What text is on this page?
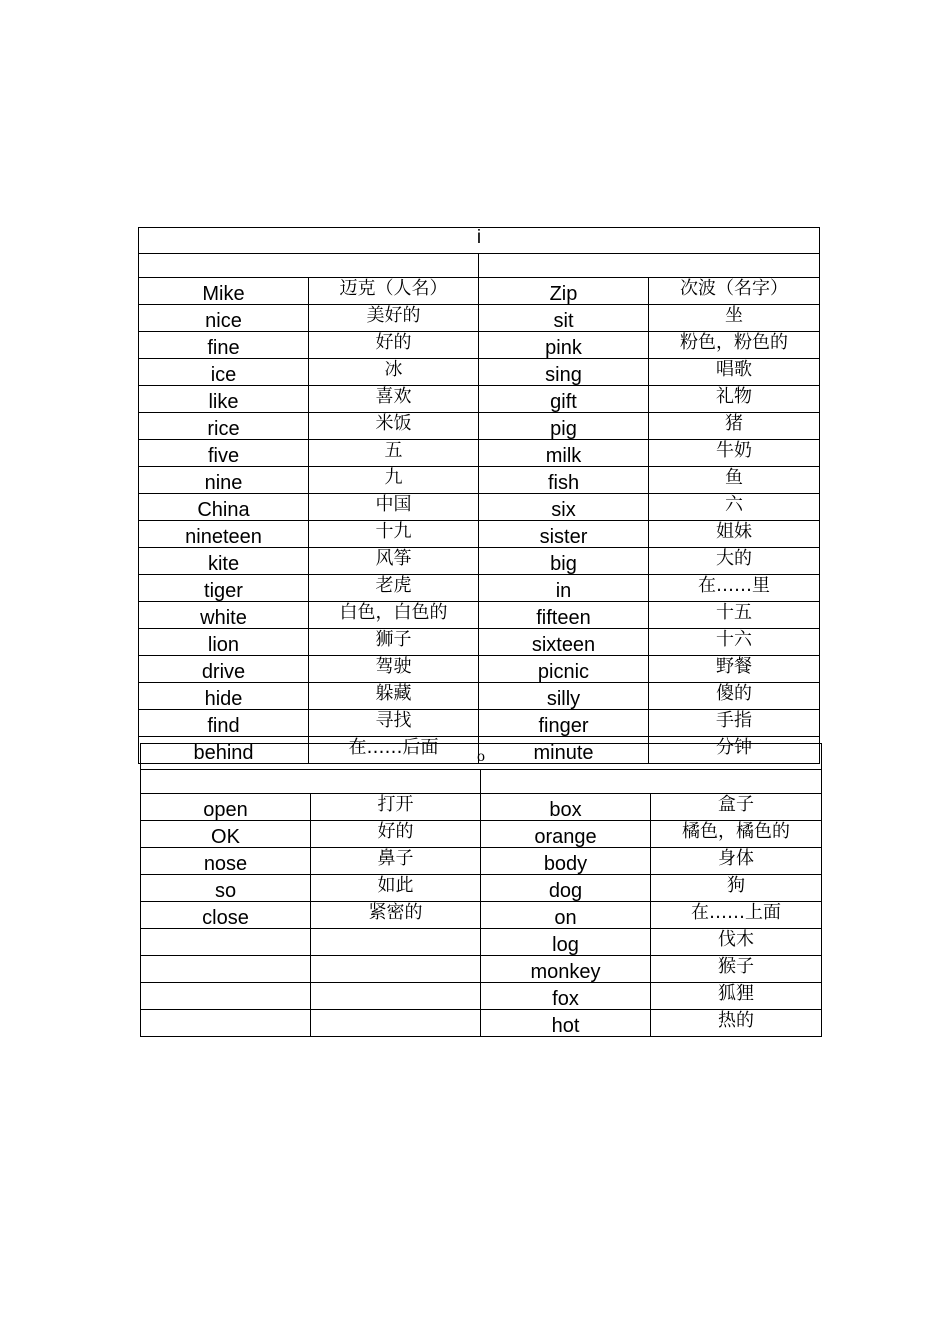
i			

Mike	迈克（人名）	Zip	次波（名字）
nice	美好的	sit	坐
fine	好的	pink	粉色，粉色的
ice	冰	sing	唱歌
like	喜欢	gift	礼物
rice	米饭	pig	猪
five	五	milk	牛奶
nine	九	fish	鱼
China	中国	six	六
nineteen	十九	sister	姐妹
kite	风筝	big	大的
tiger	老虎	in	在……里
white	白色，白色的	fifteen	十五
lion	狮子	sixteen	十六
drive	驾驶	picnic	野餐
hide	躲藏	silly	傻的
find	寻找	finger	手指
behind	在……后面	minute	分钟
o			

open	打开	box	盒子
OK	好的	orange	橘色，橘色的
nose	鼻子	body	身体
so	如此	dog	狗
close	紧密的	on	在……上面
		log	伐木
		monkey	猴子
		fox	狐狸
		hot	热的
